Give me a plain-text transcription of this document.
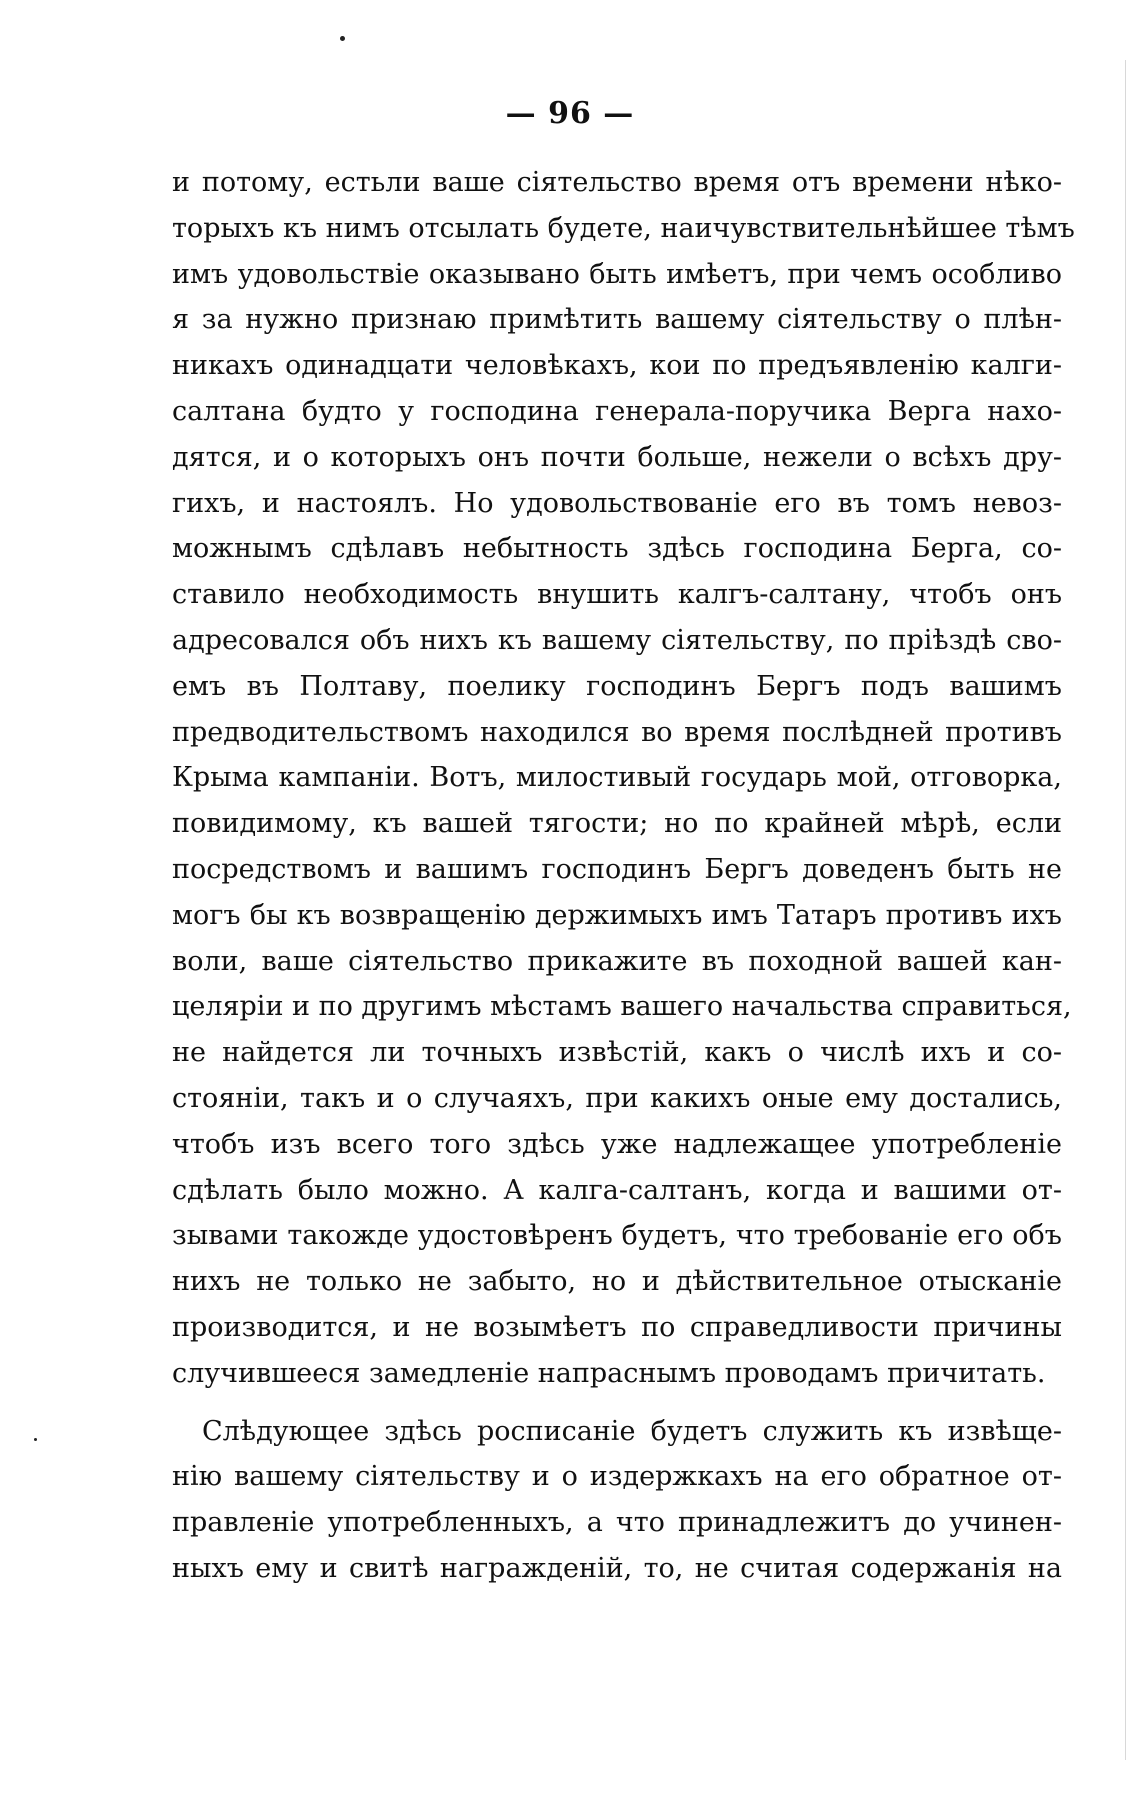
— 96 —
и потому, естьли ваше сіятельство время отъ времени нѣко-
торыхъ къ нимъ отсылать будете, наичувствительнѣйшее тѣмъ
имъ удовольствіе оказывано быть имѣетъ, при чемъ особливо
я за нужно признаю примѣтить вашему сіятельству о плѣн-
никахъ одинадцати человѣкахъ, кои по предъявленію калги-
салтана будто у господина генерала-поручика Верга нахо-
дятся, и о которыхъ онъ почти больше, нежели о всѣхъ дру-
гихъ, и настоялъ. Но удовольствованіе его въ томъ невоз-
можнымъ сдѣлавъ небытность здѣсь господина Берга, со-
ставило необходимость внушить калгъ-салтану, чтобъ онъ
адресовался объ нихъ къ вашему сіятельству, по пріѣздѣ сво-
емъ въ Полтаву, поелику господинъ Бергъ подъ вашимъ
предводительствомъ находился во время послѣдней противъ
Крыма кампаніи. Вотъ, милостивый государь мой, отговорка,
повидимому, къ вашей тягости; но по крайней мѣрѣ, если
посредствомъ и вашимъ господинъ Бергъ доведенъ быть не
могъ бы къ возвращенію держимыхъ имъ Татаръ противъ ихъ
воли, ваше сіятельство прикажите въ походной вашей кан-
целяріи и по другимъ мѣстамъ вашего начальства справиться,
не найдется ли точныхъ извѣстій, какъ о числѣ ихъ и со-
стояніи, такъ и о случаяхъ, при какихъ оные ему достались,
чтобъ изъ всего того здѣсь уже надлежащее употребленіе
сдѣлать было можно. А калга-салтанъ, когда и вашими от-
зывами такожде удостовѣренъ будетъ, что требованіе его объ
нихъ не только не забыто, но и дѣйствительное отысканіе
производится, и не возымѣетъ по справедливости причины
случившееся замедленіе напраснымъ проводамъ причитать.
Слѣдующее здѣсь росписаніе будетъ служить къ извѣще-
нію вашему сіятельству и о издержкахъ на его обратное от-
правленіе употребленныхъ, а что принадлежитъ до учинен-
ныхъ ему и свитѣ награжденій, то, не считая содержанія на
